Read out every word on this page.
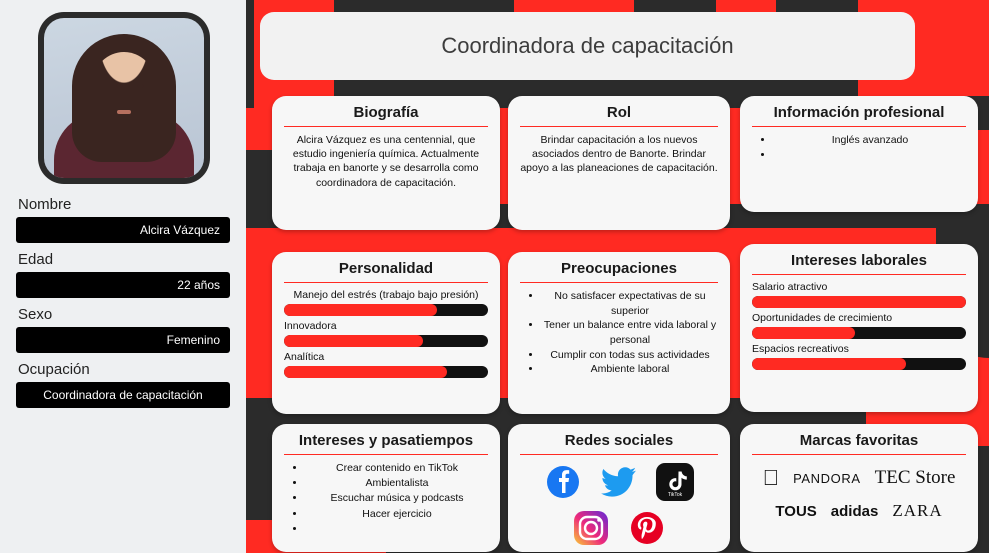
Nombre
Alcira Vázquez
Edad
22 años
Sexo
Femenino
Ocupación
Coordinadora de capacitación
Coordinadora de capacitación
Biografía
Alcira Vázquez es una centennial, que estudio ingeniería química. Actualmente trabaja en banorte y se desarrolla como coordinadora de capacitación.
Rol
Brindar capacitación a los nuevos asociados dentro de Banorte. Brindar apoyo a las planeaciones de capacitación.
Información profesional
• Inglés avanzado
•
Personalidad
Manejo del estrés (trabajo bajo presión)
Innovadora
Analítica
Preocupaciones
• No satisfacer expectativas de su superior
• Tener un balance entre vida laboral y personal
• Cumplir con todas sus actividades
• Ambiente laboral
Intereses laborales
Salario atractivo
Oportunidades de crecimiento
Espacios recreativos
Intereses y pasatiempos
• Crear contenido en TikTok
• Ambientalista
• Escuchar música y podcasts
• Hacer ejercicio
•
Redes sociales
TikTok
Marcas favoritas
PANDORA TEC Store
TOUS adidas ZARA
